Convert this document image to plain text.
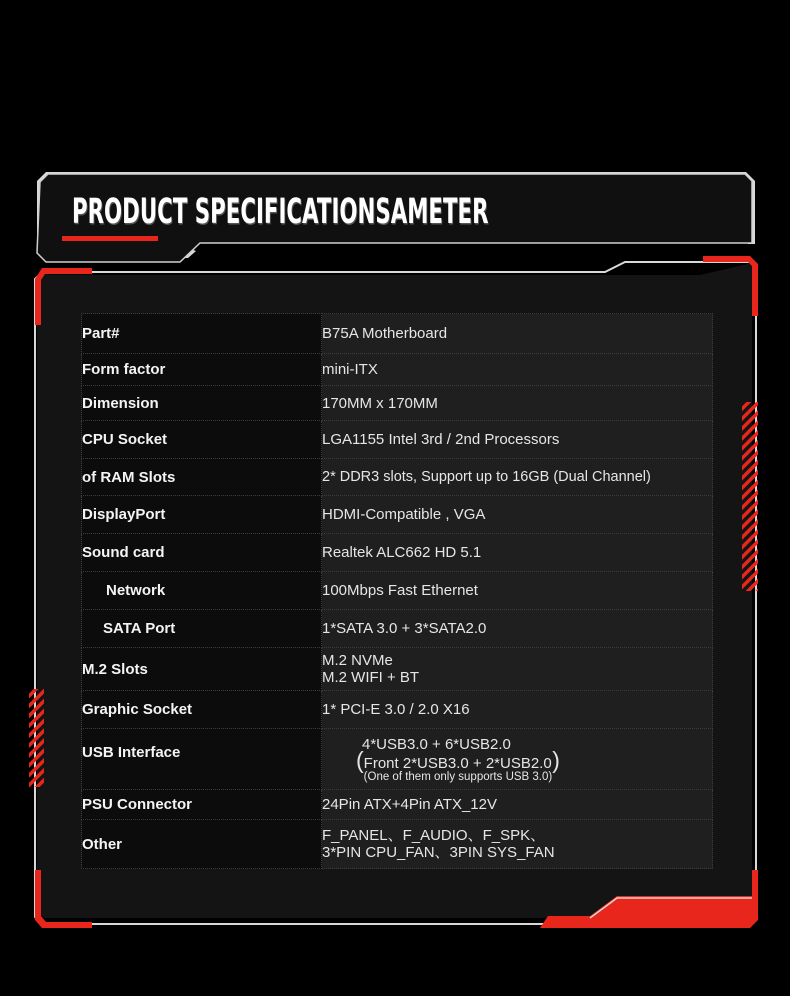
PRODUCT SPECIFICATIONSAMETER
Part#	B75A Motherboard
Form factor	mini-ITX
Dimension	170MM x 170MM
CPU Socket	LGA1155 Intel 3rd / 2nd Processors
of RAM Slots	2* DDR3 slots, Support up to 16GB (Dual Channel)
DisplayPort	HDMI-Compatible , VGA
Sound card	Realtek ALC662 HD 5.1
Network	100Mbps Fast Ethernet
SATA Port	1*SATA 3.0 + 3*SATA2.0
M.2 Slots	M.2 NVMe
M.2 WIFI + BT

Graphic Socket	1* PCI-E 3.0 / 2.0 X16
USB Interface	4*USB3.0 + 6*USB2.0
( Front 2*USB3.0 + 2*USB2.0
(One of them only supports USB 3.0)
)

PSU Connector	24Pin ATX+4Pin ATX_12V
Other	F_PANEL、F_AUDIO、F_SPK、
3*PIN CPU_FAN、3PIN SYS_FAN
